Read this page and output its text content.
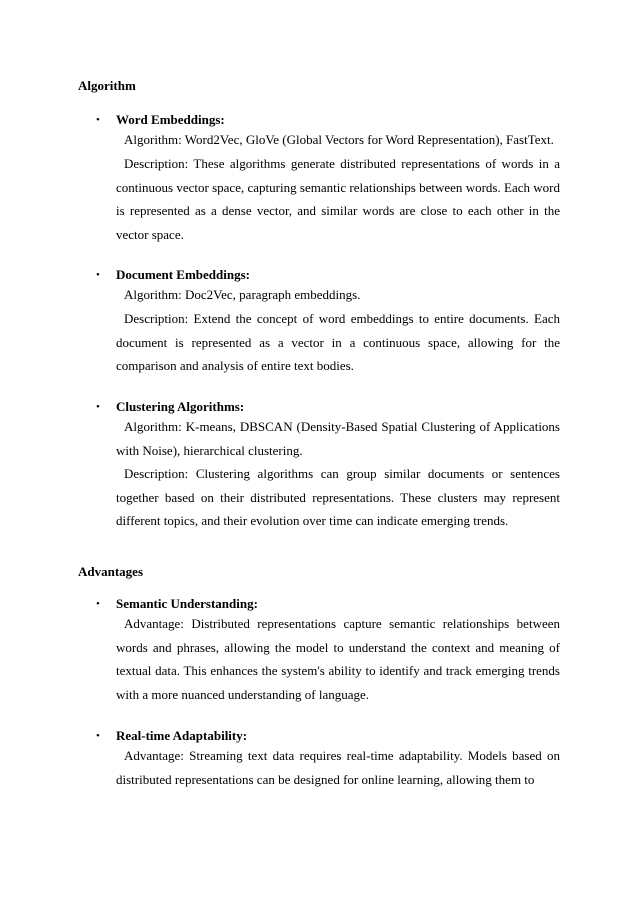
Algorithm
• Word Embeddings:

Algorithm: Word2Vec, GloVe (Global Vectors for Word Representation), FastText.

Description: These algorithms generate distributed representations of words in a continuous vector space, capturing semantic relationships between words. Each word is represented as a dense vector, and similar words are close to each other in the vector space.

• Document Embeddings:

Algorithm: Doc2Vec, paragraph embeddings.

Description: Extend the concept of word embeddings to entire documents. Each document is represented as a vector in a continuous space, allowing for the comparison and analysis of entire text bodies.

• Clustering Algorithms:

Algorithm: K-means, DBSCAN (Density-Based Spatial Clustering of Applications with Noise), hierarchical clustering.

Description: Clustering algorithms can group similar documents or sentences together based on their distributed representations. These clusters may represent different topics, and their evolution over time can indicate emerging trends.

Advantages
• Semantic Understanding:

Advantage: Distributed representations capture semantic relationships between words and phrases, allowing the model to understand the context and meaning of textual data. This enhances the system's ability to identify and track emerging trends with a more nuanced understanding of language.

• Real-time Adaptability:

Advantage: Streaming text data requires real-time adaptability. Models based on distributed representations can be designed for online learning, allowing them to
